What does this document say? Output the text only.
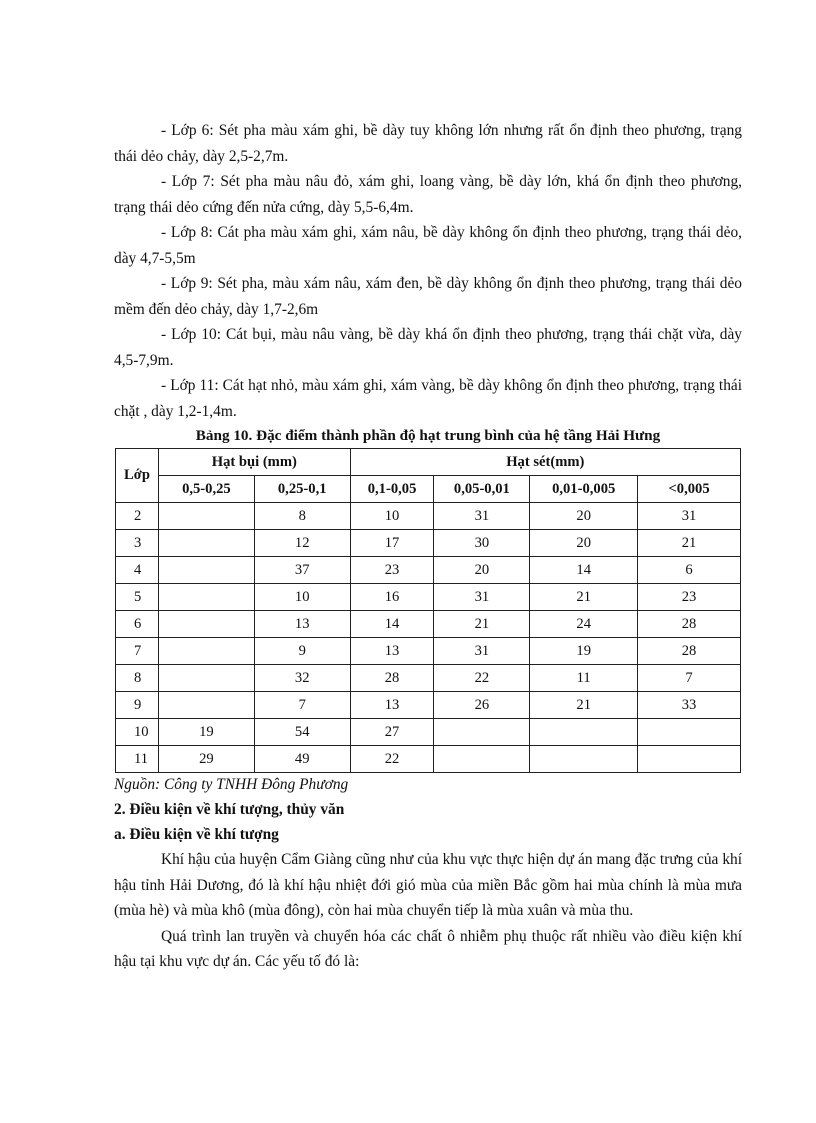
- Lớp 6: Sét pha màu xám ghi, bề dày tuy không lớn nhưng rất ổn định theo phương, trạng thái dẻo chảy, dày 2,5-2,7m.

- Lớp 7: Sét pha màu nâu đỏ, xám ghi, loang vàng, bề dày lớn, khá ổn định theo phương, trạng thái dẻo cứng đến nửa cứng, dày 5,5-6,4m.

- Lớp 8: Cát pha màu xám ghi, xám nâu, bề dày không ổn định theo phương, trạng thái dẻo, dày 4,7-5,5m

- Lớp 9: Sét pha, màu xám nâu, xám đen, bề dày không ổn định theo phương, trạng thái dẻo mềm đến dẻo chảy, dày 1,7-2,6m

- Lớp 10: Cát bụi, màu nâu vàng, bề dày khá ổn định theo phương, trạng thái chặt vừa, dày 4,5-7,9m.

- Lớp 11: Cát hạt nhỏ, màu xám ghi, xám vàng, bề dày không ổn định theo phương, trạng thái chặt , dày 1,2-1,4m.

Bảng 10. Đặc điểm thành phần độ hạt trung bình của hệ tầng Hải Hưng

Lớp	Hạt bụi (mm)		Hạt sét(mm)			
	0,5-0,25	0,25-0,1	0,1-0,05	0,05-0,01	0,01-0,005	<0,005
2		8	10	31	20	31
3		12	17	30	20	21
4		37	23	20	14	6
5		10	16	31	21	23
6		13	14	21	24	28
7		9	13	31	19	28
8		32	28	22	11	7
9		7	13	26	21	33
10	19	54	27			
11	29	49	22			

Nguồn: Công ty TNHH Đông Phương

2. Điều kiện về khí tượng, thủy văn

a. Điều kiện về khí tượng

Khí hậu của huyện Cẩm Giàng cũng như của khu vực thực hiện dự án mang đặc trưng của khí hậu tỉnh Hải Dương, đó là khí hậu nhiệt đới gió mùa của miền Bắc gồm hai mùa chính là mùa mưa (mùa hè) và mùa khô (mùa đông), còn hai mùa chuyển tiếp là mùa xuân và mùa thu.

Quá trình lan truyền và chuyển hóa các chất ô nhiễm phụ thuộc rất nhiều vào điều kiện khí hậu tại khu vực dự án. Các yếu tố đó là:
